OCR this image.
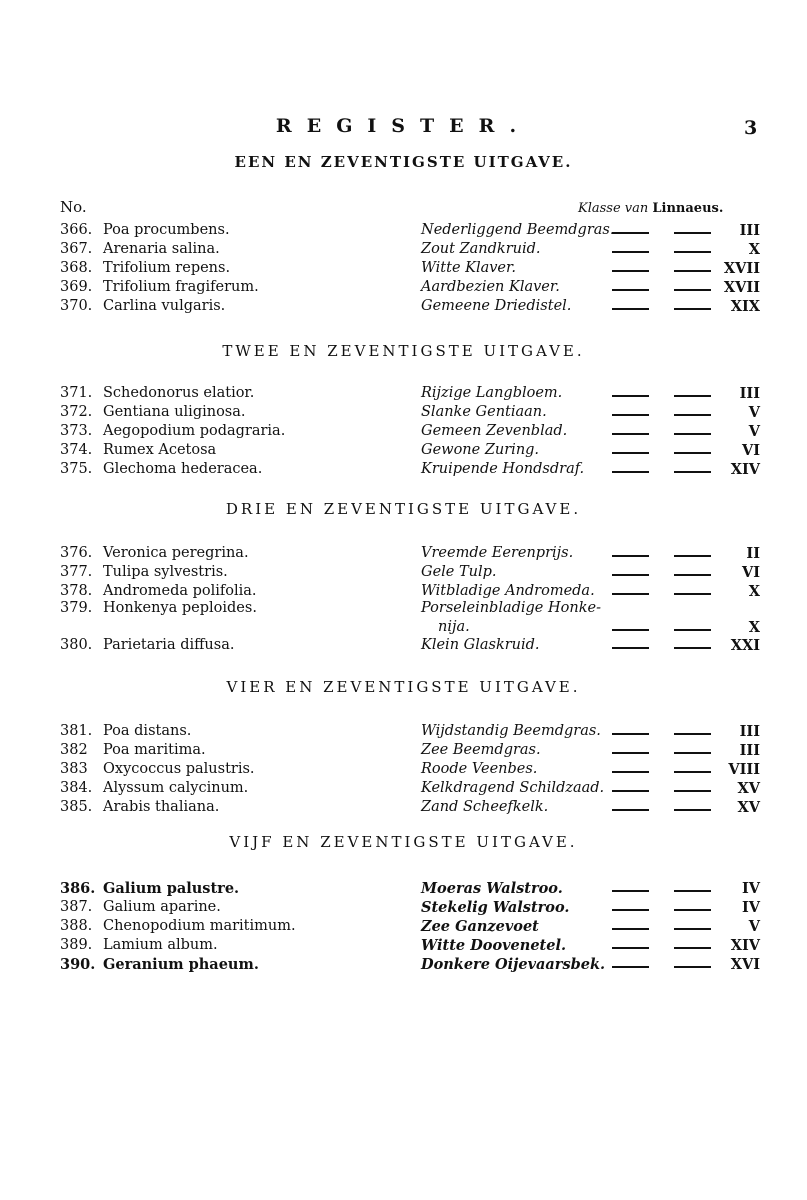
REGISTER.	3
EEN EN ZEVENTIGSTE UITGAVE.
No.	Klasse van Linnaeus.
366. Poa procumbens.	Nederliggend Beemdgras.	III
367. Arenaria salina.	Zout Zandkruid.	X
368. Trifolium repens.	Witte Klaver.	XVII
369. Trifolium fragiferum.	Aardbezien Klaver.	XVII
370. Carlina vulgaris.	Gemeene Driedistel.	XIX
TWEE EN ZEVENTIGSTE UITGAVE.
371. Schedonorus elatior.	Rijzige Langbloem.	III
372. Gentiana uliginosa.	Slanke Gentiaan.	V
373. Aegopodium podagraria.	Gemeen Zevenblad.	V
374. Rumex Acetosa	Gewone Zuring.	VI
375. Glechoma hederacea.	Kruipende Hondsdraf.	XIV
DRIE EN ZEVENTIGSTE UITGAVE.
376. Veronica peregrina.	Vreemde Eerenprijs.	II
377. Tulipa sylvestris.	Gele Tulp.	VI
378. Andromeda polifolia.	Witbladige Andromeda.	X
379. Honkenya peploides.	Porseleinbladige Honke-
nija.	X
380. Parietaria diffusa.	Klein Glaskruid.	XXI
VIER EN ZEVENTIGSTE UITGAVE.
381. Poa distans.	Wijdstandig Beemdgras.	III
382 Poa maritima.	Zee Beemdgras.	III
383 Oxycoccus palustris.	Roode Veenbes.	VIII
384. Alyssum calycinum.	Kelkdragend Schildzaad.	XV
385. Arabis thaliana.	Zand Scheefkelk.	XV
VIJF EN ZEVENTIGSTE UITGAVE.
386. Galium palustre.	Moeras Walstroo.	IV
387. Galium aparine.	Stekelig Walstroo.	IV
388. Chenopodium maritimum.	Zee Ganzevoet	V
389. Lamium album.	Witte Doovenetel.	XIV
390. Geranium phaeum.	Donkere Oijevaarsbek.	XVI
